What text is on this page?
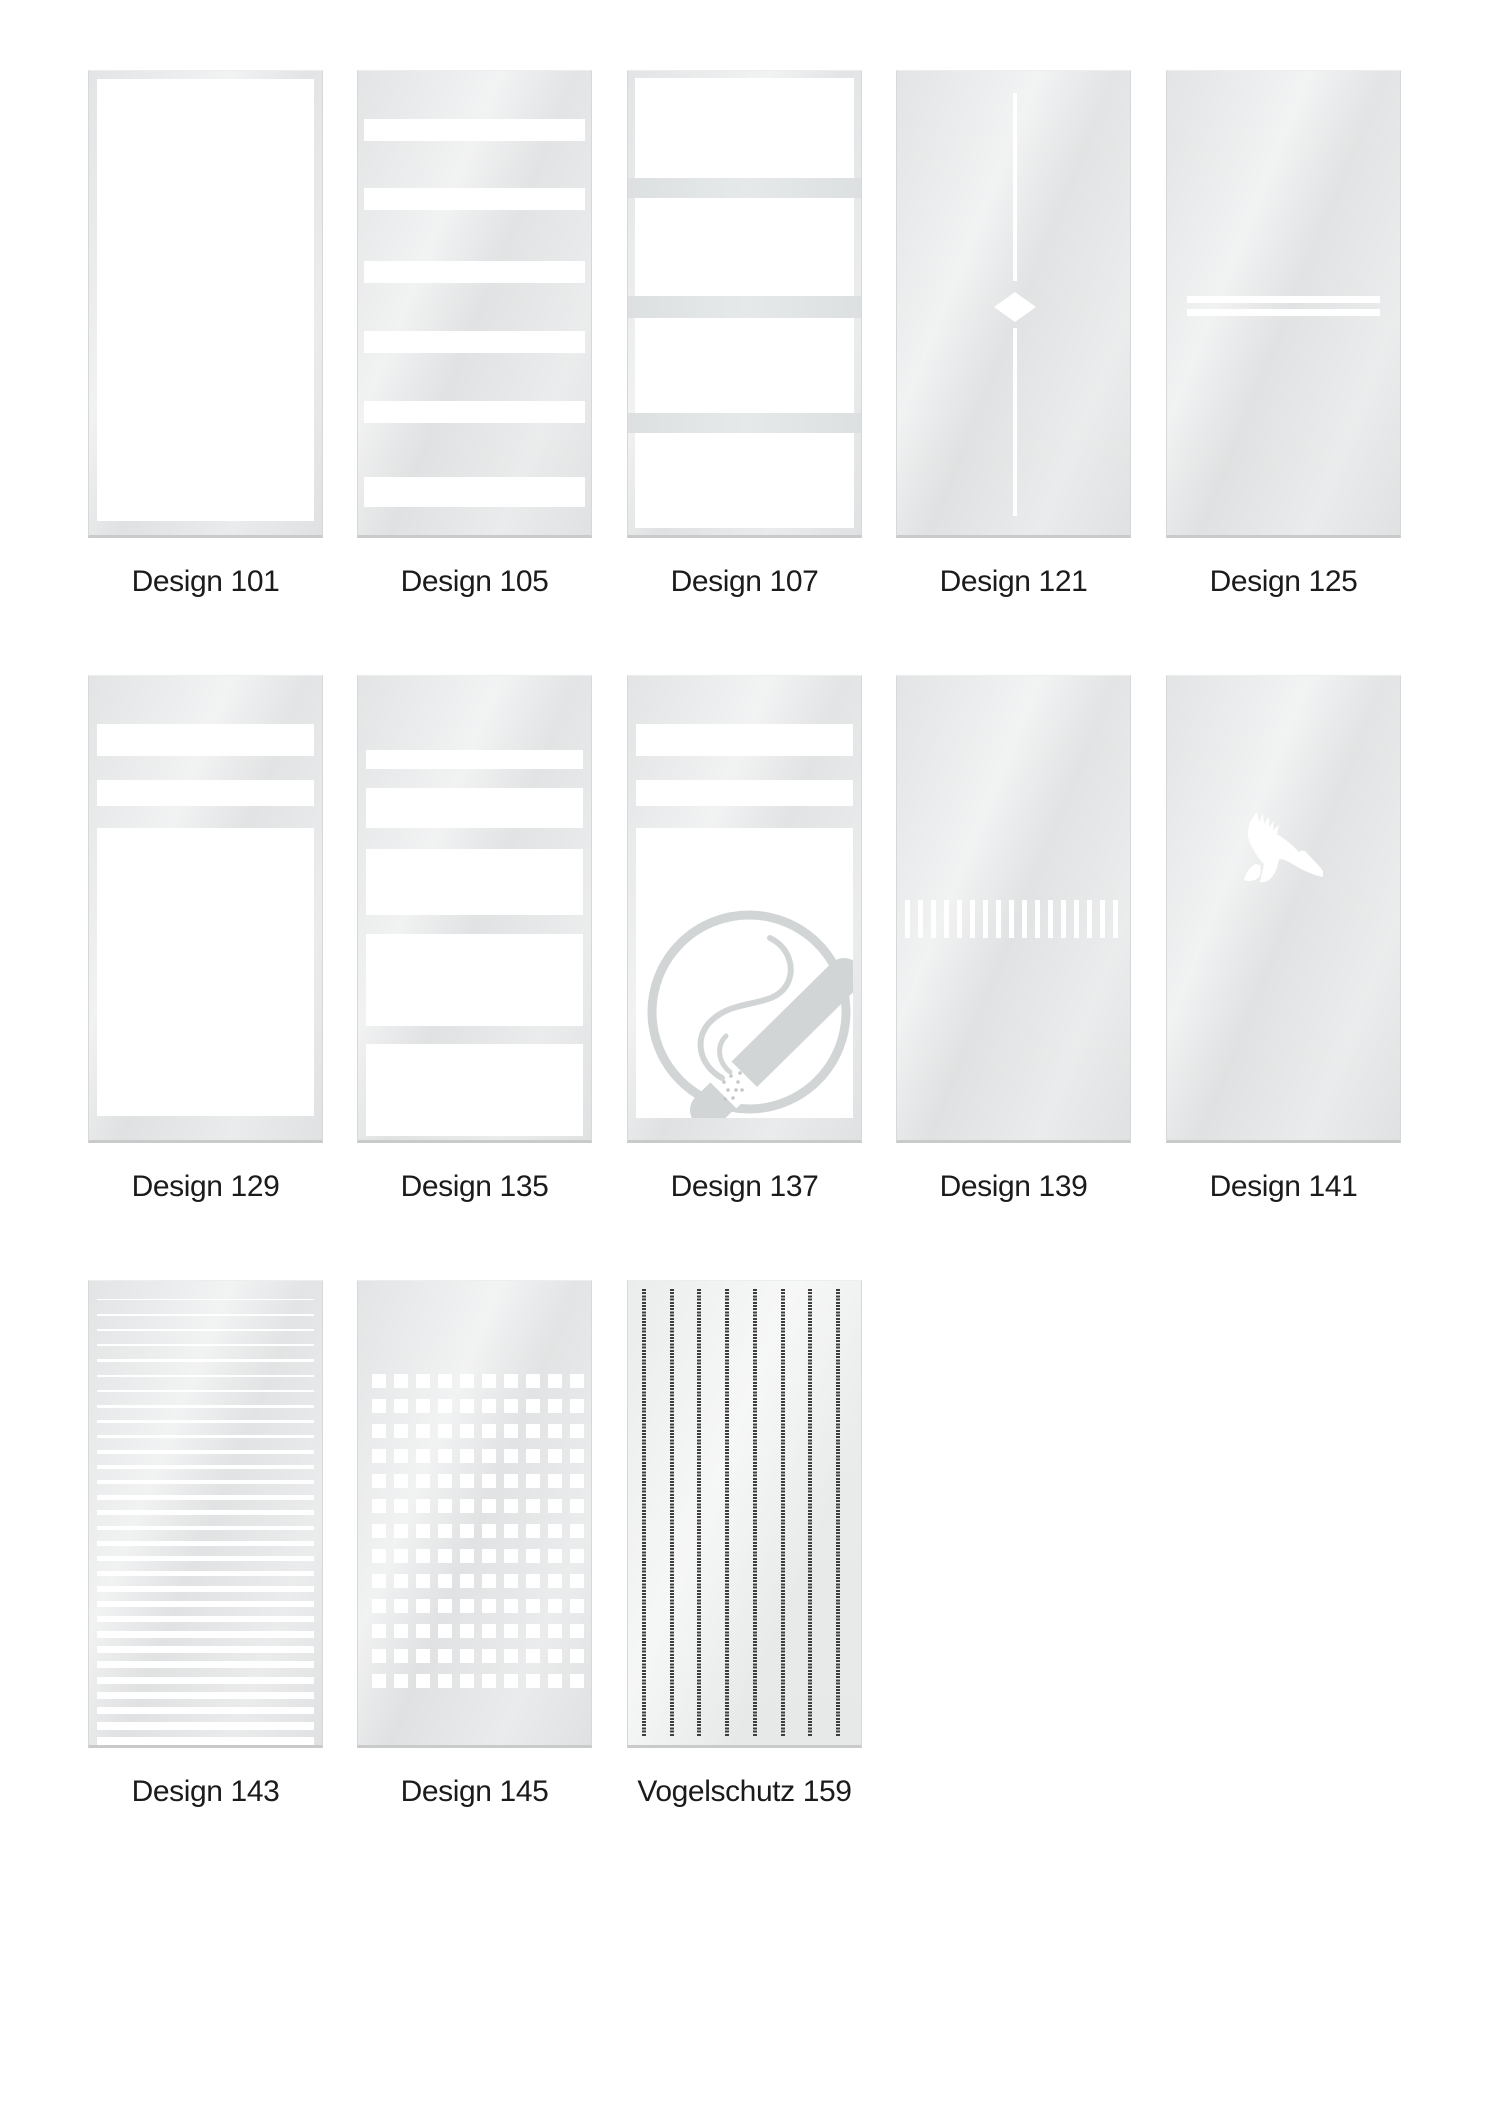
Design 101	Design 105	Design 107	Design 121	Design 125
Design 129	Design 135	Design 137	Design 139	Design 141
Design 143	Design 145	Vogelschutz 159
